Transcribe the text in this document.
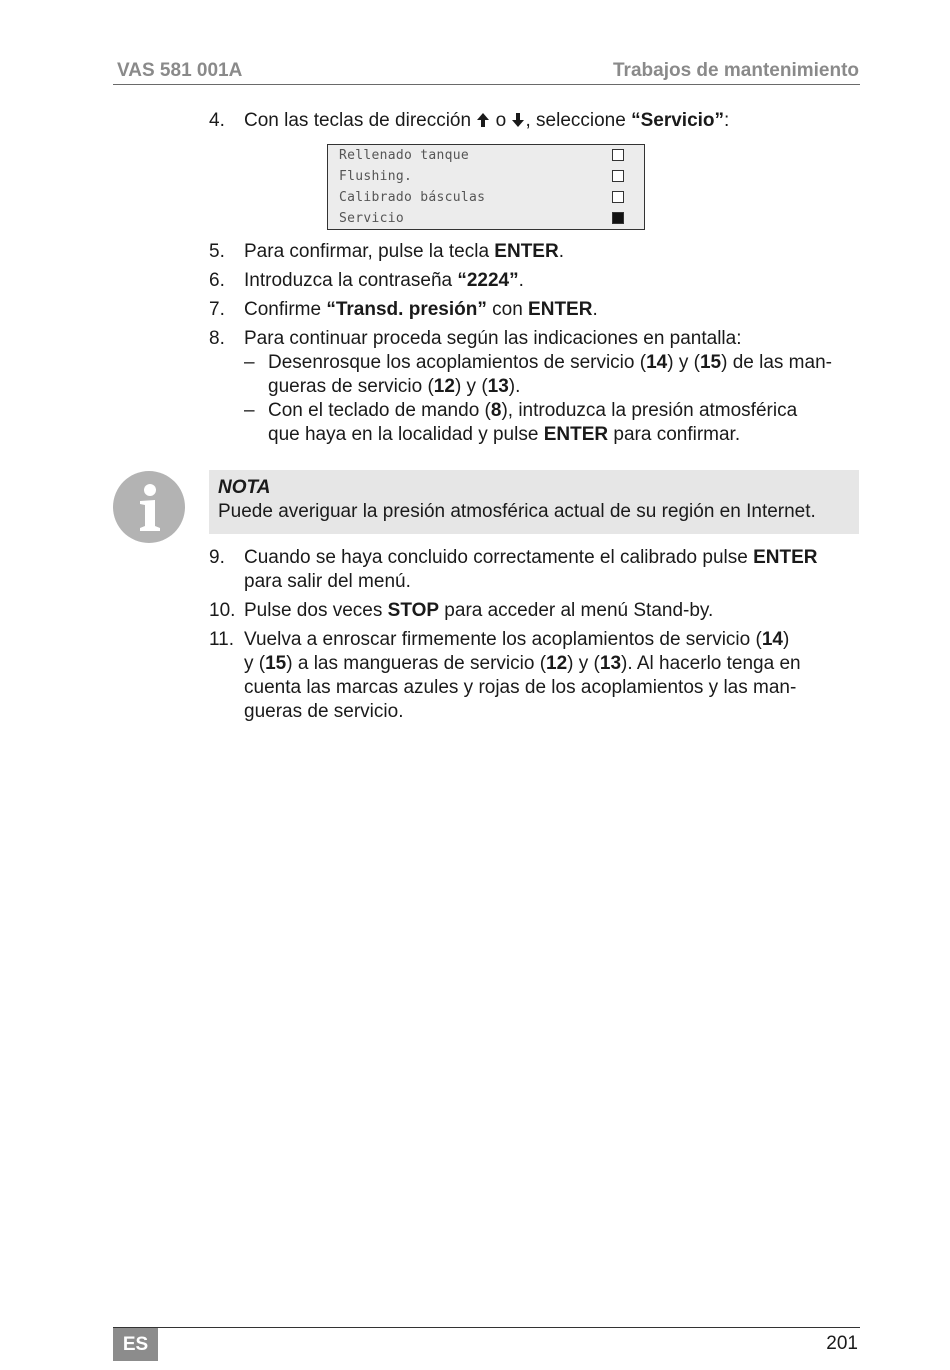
VAS 581 001A	Trabajos de mantenimiento
4.	Con las teclas de dirección  o , seleccione “Servicio”:
Rellenado tanque
Flushing.
Calibrado básculas
Servicio
5.	Para confirmar, pulse la tecla ENTER.
6.	Introduzca la contraseña “2224”.
7.	Confirme “Transd. presión” con ENTER.
8.	Para continuar proceda según las indicaciones en pantalla:
– Desenrosque los acoplamientos de servicio (14) y (15) de las man-
gueras de servicio (12) y (13).
– Con el teclado de mando (8), introduzca la presión atmosférica
que haya en la localidad y pulse ENTER para confirmar.
NOTA
Puede averiguar la presión atmosférica actual de su región en Internet.
9.	Cuando se haya concluido correctamente el calibrado pulse ENTER
para salir del menú.
10. Pulse dos veces STOP para acceder al menú Stand-by.
11. Vuelva a enroscar firmemente los acoplamientos de servicio (14)
y (15) a las mangueras de servicio (12) y (13). Al hacerlo tenga en
cuenta las marcas azules y rojas de los acoplamientos y las man-
gueras de servicio.
ES	201
